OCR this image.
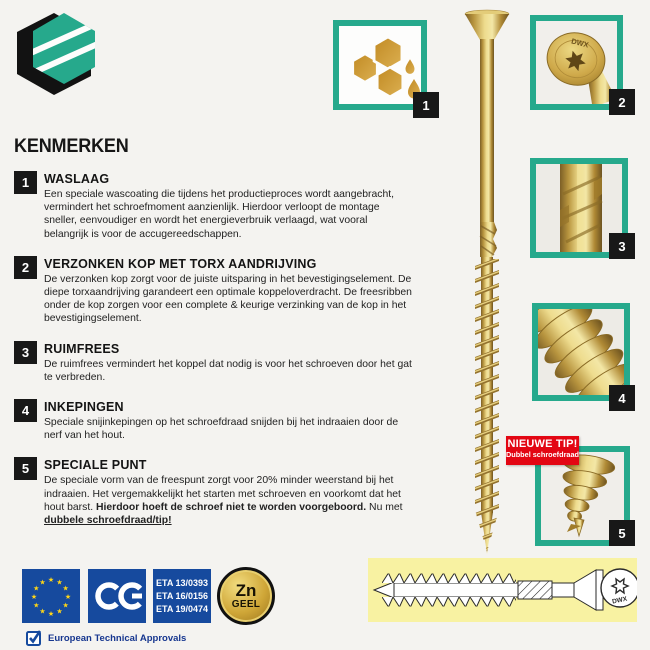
KENMERKEN
1	WASLAAG
Een speciale wascoating die tijdens het productieproces wordt aangebracht, vermindert het schroefmoment aanzienlijk. Hierdoor verloopt de montage sneller, eenvoudiger en wordt het energieverbruik verlaagd, wat vooral belangrijk is voor de accugereedschappen.
2	VERZONKEN KOP MET TORX AANDRIJVING
De verzonken kop zorgt voor de juiste uitsparing in het bevestigingselement. De diepe torxaandrijving garandeert een optimale koppeloverdracht. De freesribben onder de kop zorgen voor een complete & keurige verzinking van de kop in het bevestigingselement.
3	RUIMFREES
De ruimfrees vermindert het koppel dat nodig is voor het schroeven door het gat te verbreden.
4	INKEPINGEN
Speciale snijinkepingen op het schroefdraad snijden bij het indraaien door de nerf van het hout.
5	SPECIALE PUNT
De speciale vorm van de freespunt zorgt voor 20% minder weerstand bij het indraaien. Het vergemakkelijkt het starten met schroeven en voorkomt dat het hout barst. Hierdoor hoeft de schroef niet te worden voorgeboord. Nu met dubbele schroefdraad/tip!
1
DWX
2
3
4
5
NIEUWE TIP!
Dubbel schroefdraad
★ ★
★
★
★
★
★
★
★
★
★
★	ETA 13/0393
ETA 16/0156
ETA 19/0474
Zn
GEEL
European Technical Approvals
DWX
